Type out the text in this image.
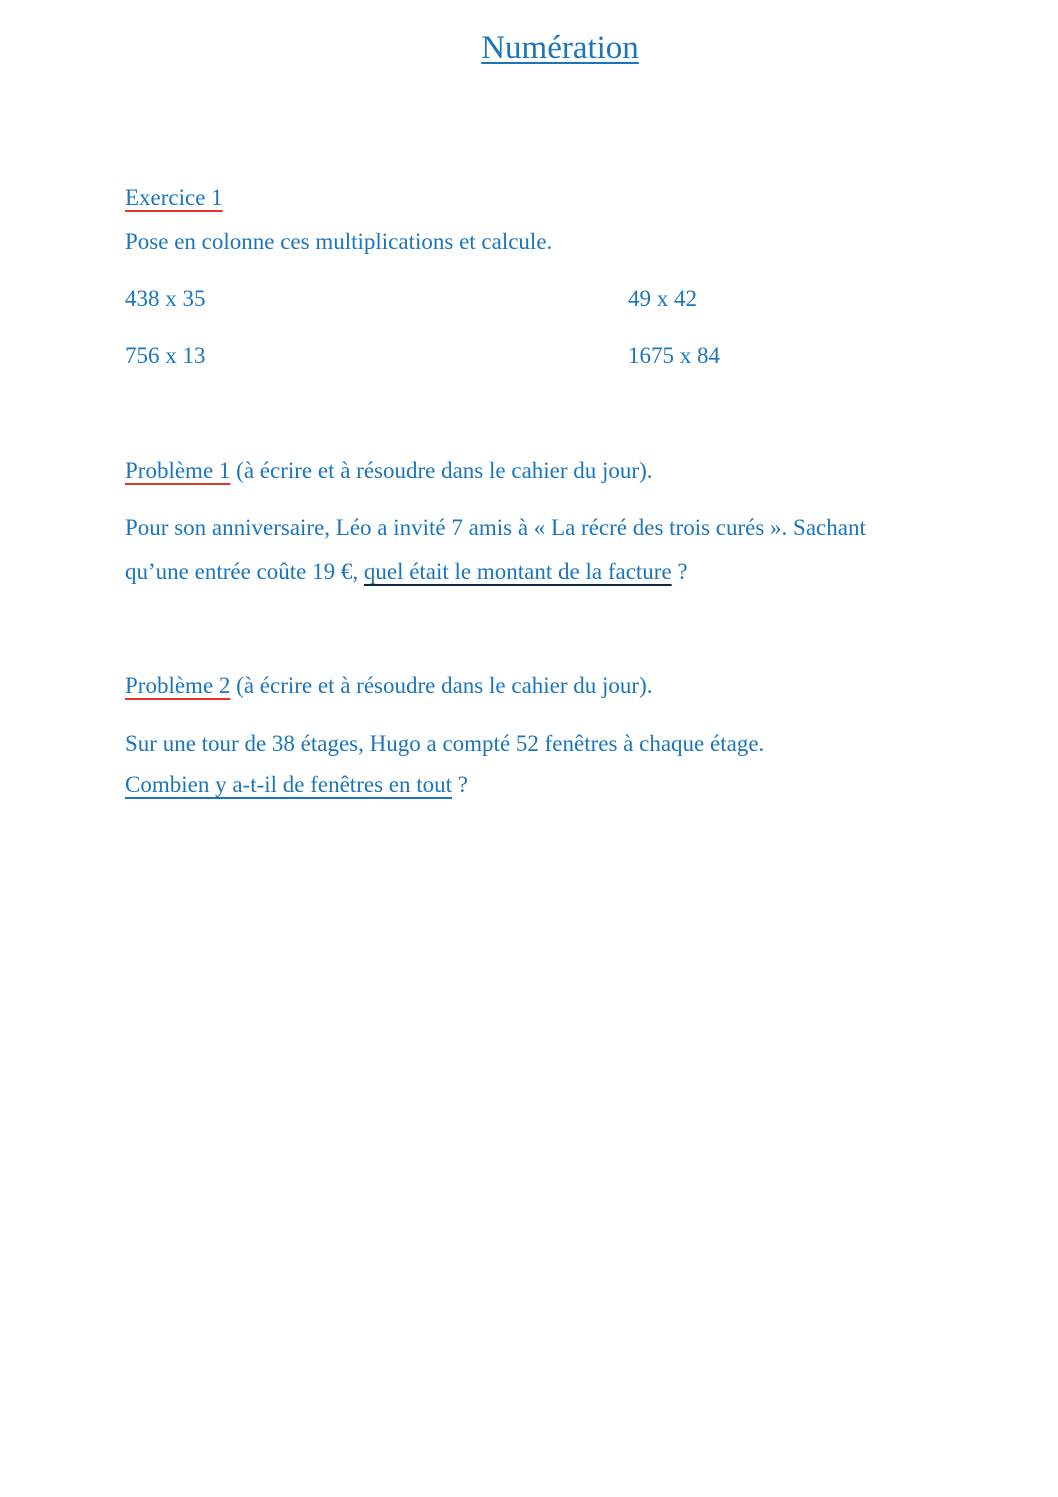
Numération
Exercice 1
Pose en colonne ces multiplications et calcule.
438 x 35	49 x 42
756 x 13	1675 x 84
Problème 1 (à écrire et à résoudre dans le cahier du jour).
Pour son anniversaire, Léo a invité 7 amis à « La récré des trois curés ». Sachant
qu’une entrée coûte 19 €, quel était le montant de la facture ?
Problème 2 (à écrire et à résoudre dans le cahier du jour).
Sur une tour de 38 étages, Hugo a compté 52 fenêtres à chaque étage.
Combien y a-t-il de fenêtres en tout ?
